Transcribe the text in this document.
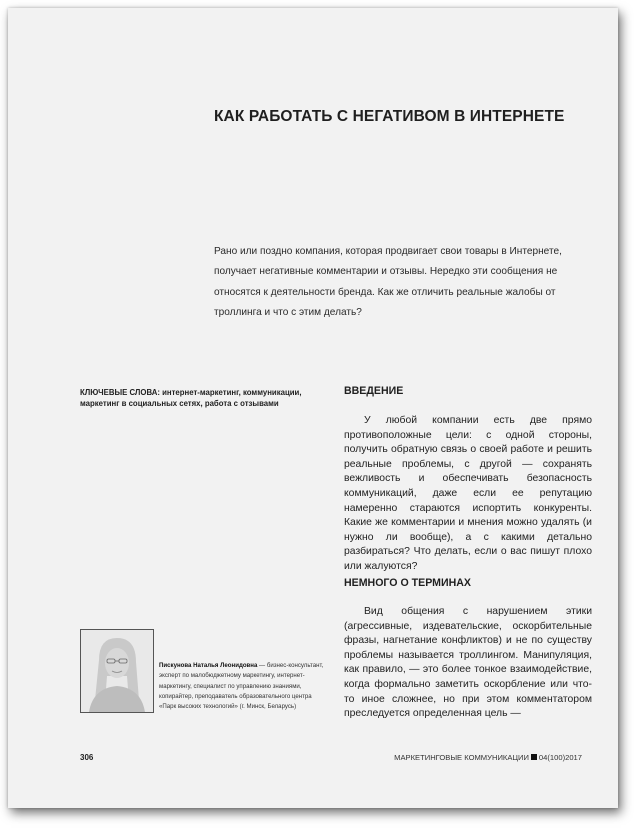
КАК РАБОТАТЬ С НЕГАТИВОМ В ИНТЕРНЕТЕ

Рано или поздно компания, которая продвигает свои товары в Интернете, получает негативные комментарии и отзывы. Нередко эти сообщения не относятся к деятельности бренда. Как же отличить реальные жалобы от троллинга и что с этим делать?

КЛЮЧЕВЫЕ СЛОВА: интернет-маркетинг, коммуникации, маркетинг в социальных сетях, работа с отзывами
ВВЕДЕНИЕ

У любой компании есть две прямо противоположные цели: с одной стороны, получить обратную связь о своей работе и решить реальные проблемы, с другой — сохранять вежливость и обеспечивать безопасность коммуникаций, даже если ее репутацию намеренно стараются испортить конкуренты. Какие же комментарии и мнения можно удалять (и нужно ли вообще), а с какими детально разбираться? Что делать, если о вас пишут плохо или жалуются?

НЕМНОГО О ТЕРМИНАХ

Вид общения с нарушением этики (агрессивные, издевательские, оскорбительные фразы, нагнетание конфликтов) и не по существу проблемы называется троллингом. Манипуляция, как правило, — это более тонкое взаимодействие, когда формально заметить оскорбление или что-то иное сложнее, но при этом комментатором преследуется определенная цель —

Пискунова Наталья Леонидовна — бизнес-консультант, эксперт по малобюджетному маркетингу, интернет-маркетингу, специалист по управлению знаниями, копирайтер, преподаватель образовательного центра «Парк высоких технологий» (г. Минск, Беларусь)
306	МАРКЕТИНГОВЫЕ КОММУНИКАЦИИ 04(100)2017
